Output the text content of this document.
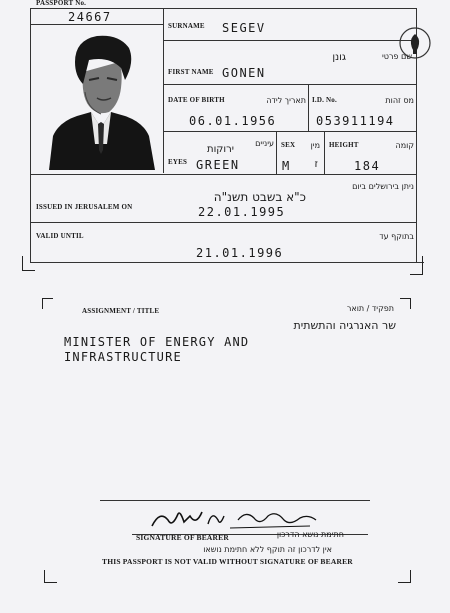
PASSPORT No.
24667
SURNAME SEGEV
שם פרטי
גונן
FIRST NAME GONEN
DATE OF BIRTH	תאריך לידה
06.01.1956
I.D. No.	מס זהות
053911194
עיניים
ירוקות
EYES GREEN
SEX	מין
M	ז
HEIGHT	קומה
184
ניתן בירושלים ביום
כ"א בשבט תשנ"ה
ISSUED IN JERUSALEM ON	22.01.1995
VALID UNTIL	בתוקף עד
21.01.1996
ASSIGNMENT / TITLE	תפקיד / תואר
שר האנרגיה והתשתית
MINISTER OF ENERGY AND
INFRASTRUCTURE
SIGNATURE OF BEARER	חתימת נושא הדרכון
אין לדרכון זה תוקף ללא חתימת נושאו
THIS PASSPORT IS NOT VALID WITHOUT SIGNATURE OF BEARER
